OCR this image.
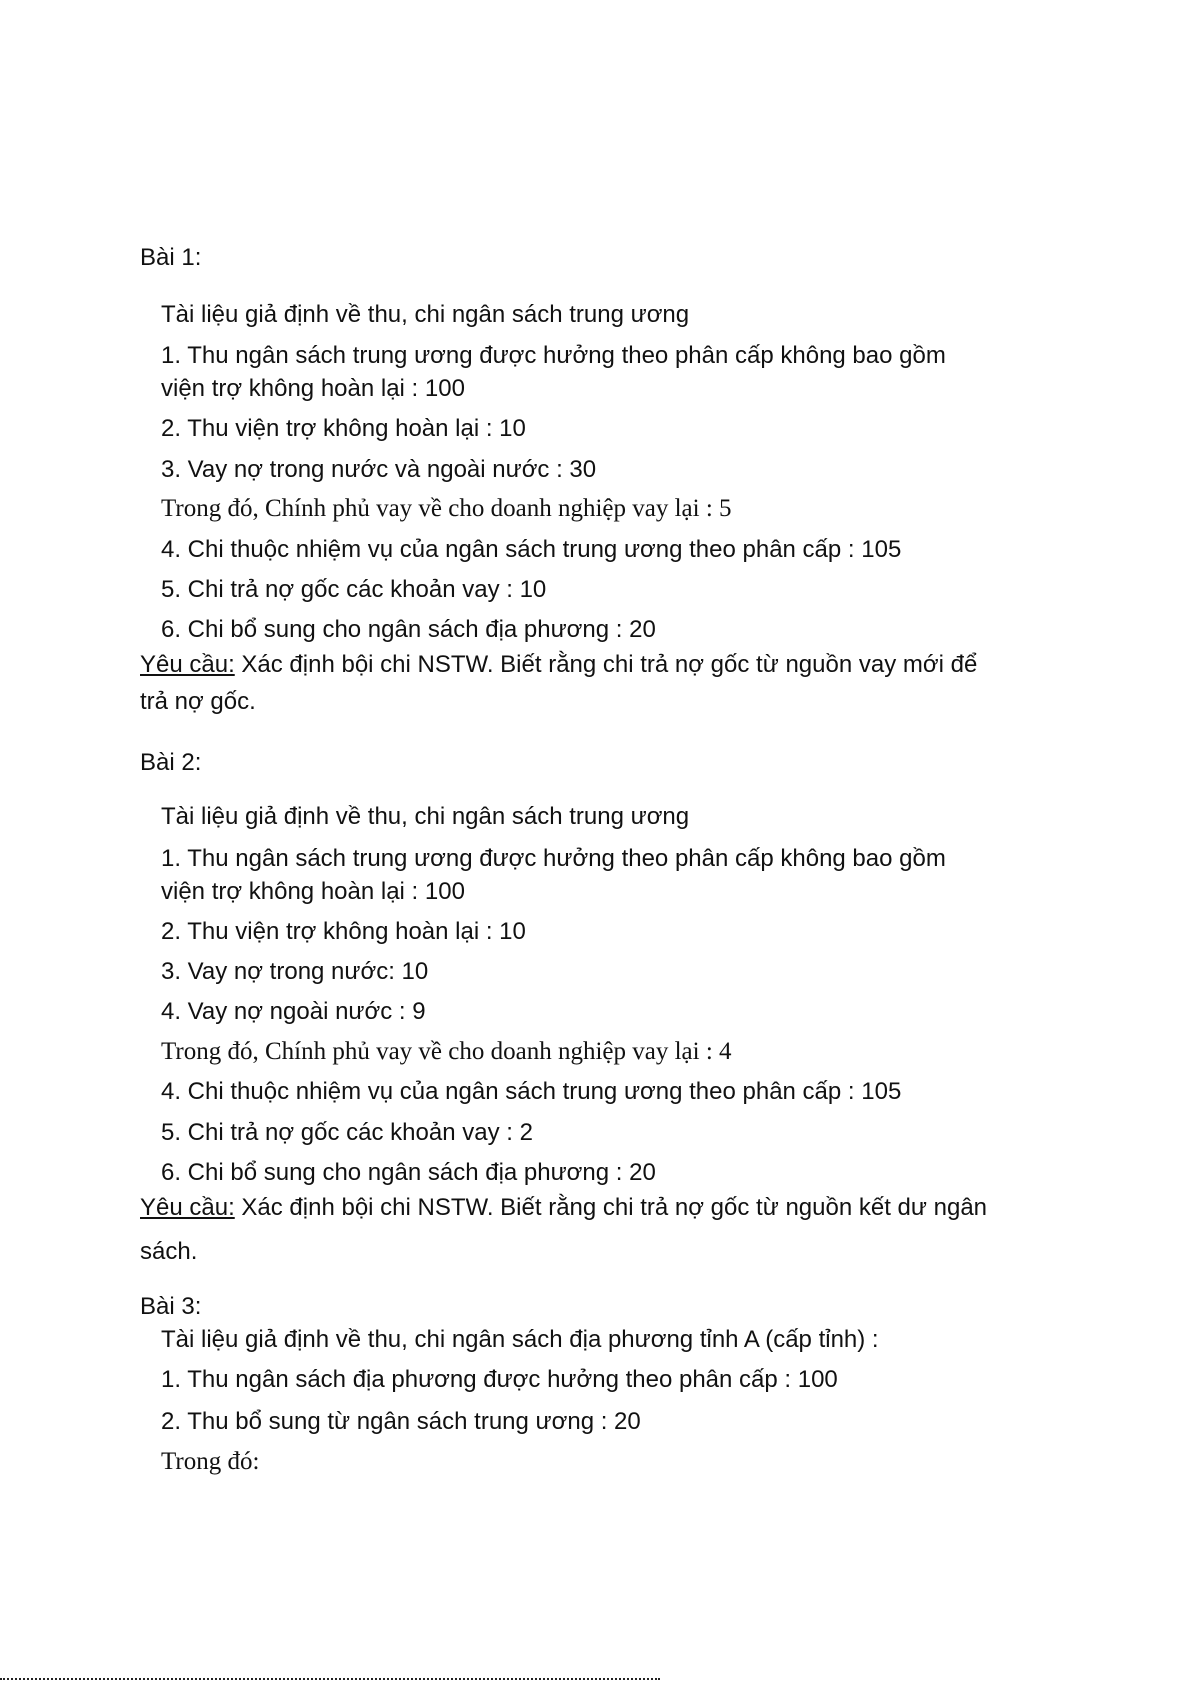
Bài 1:
Tài liệu giả định về thu, chi ngân sách trung ương
1. Thu ngân sách trung ương được hưởng theo phân cấp không bao gồm
viện trợ không hoàn lại : 100
2. Thu viện trợ không hoàn lại : 10
3. Vay nợ trong nước và ngoài nước : 30
Trong đó, Chính phủ vay về cho doanh nghiệp vay lại : 5
4. Chi thuộc nhiệm vụ của ngân sách trung ương theo phân cấp : 105
5. Chi trả nợ gốc các khoản vay : 10
6. Chi bổ sung cho ngân sách địa phương : 20
Yêu cầu: Xác định bội chi NSTW. Biết rằng chi trả nợ gốc từ nguồn vay mới để
trả nợ gốc.
Bài 2:
Tài liệu giả định về thu, chi ngân sách trung ương
1. Thu ngân sách trung ương được hưởng theo phân cấp không bao gồm
viện trợ không hoàn lại : 100
2. Thu viện trợ không hoàn lại : 10
3. Vay nợ trong nước: 10
4. Vay nợ ngoài nước : 9
Trong đó, Chính phủ vay về cho doanh nghiệp vay lại : 4
4. Chi thuộc nhiệm vụ của ngân sách trung ương theo phân cấp : 105
5. Chi trả nợ gốc các khoản vay : 2
6. Chi bổ sung cho ngân sách địa phương : 20
Yêu cầu: Xác định bội chi NSTW. Biết rằng chi trả nợ gốc từ nguồn kết dư ngân
sách.
Bài 3:
Tài liệu giả định về thu, chi ngân sách địa phương tỉnh A (cấp tỉnh) :
1. Thu ngân sách địa phương được hưởng theo phân cấp : 100
2. Thu bổ sung từ ngân sách trung ương : 20
Trong đó:
